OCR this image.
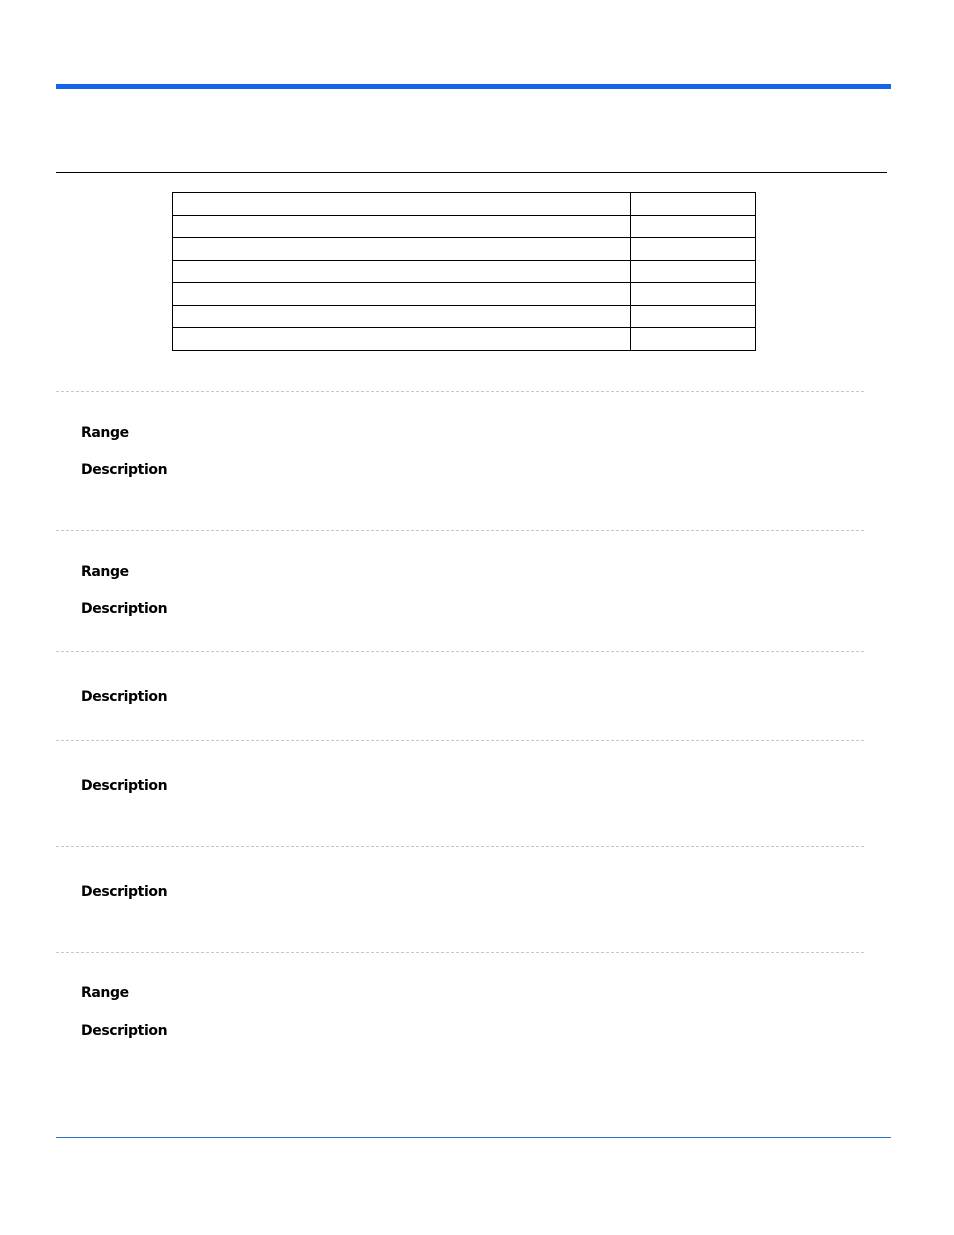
Range
Description
Range
Description
Description
Description
Description
Range
Description
